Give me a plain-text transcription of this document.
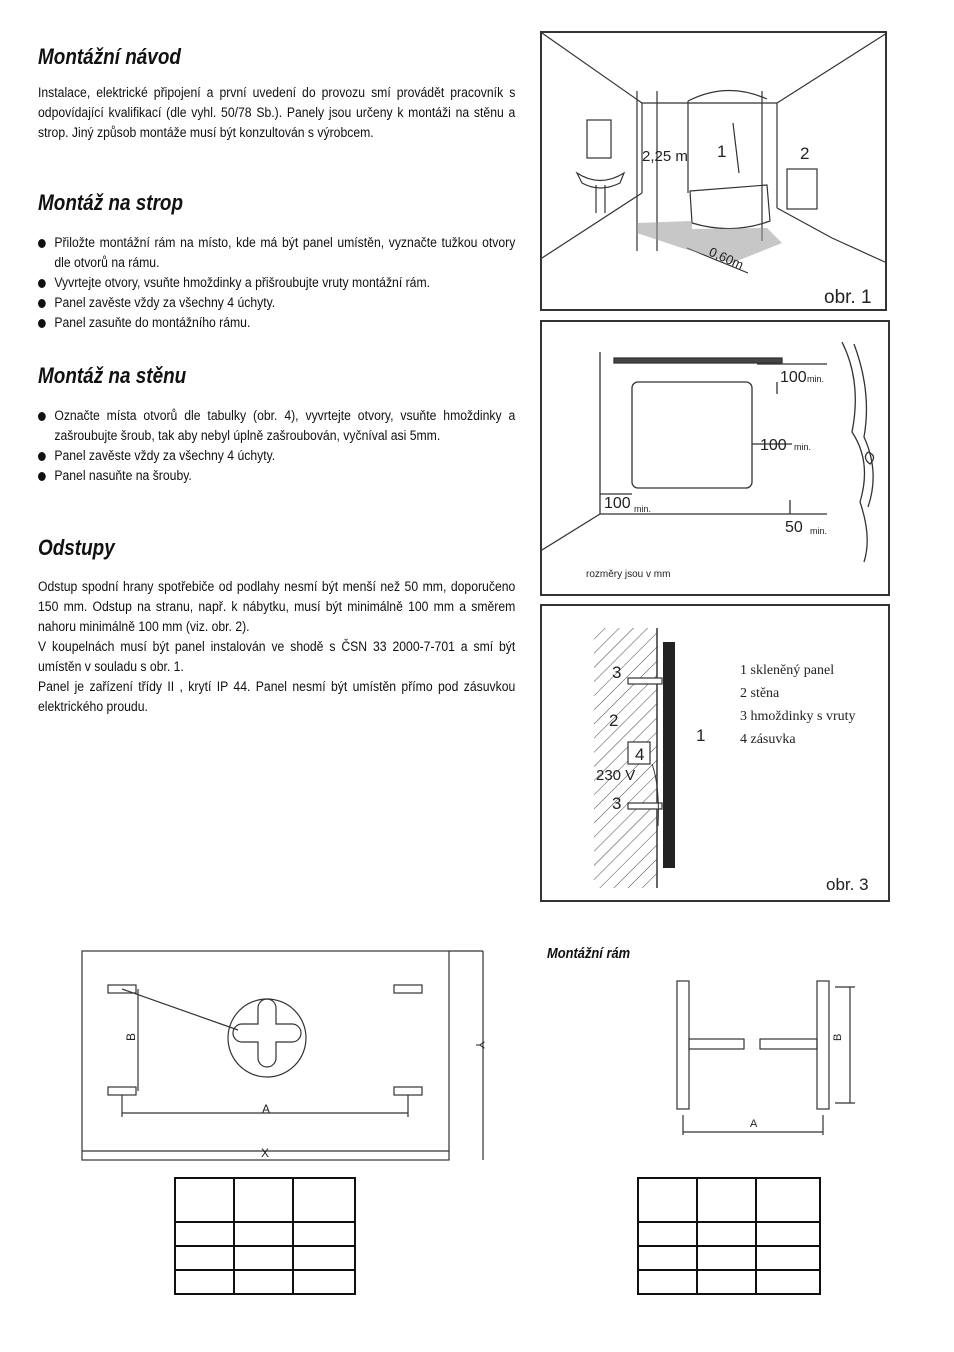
Montážní návod

Instalace, elektrické připojení a první uvedení do provozu smí provádět pracovník s odpovídající kvalifikací (dle vyhl. 50/78 Sb.). Panely jsou určeny k montáži na stěnu a strop. Jiný způsob montáže musí být konzultován s výrobcem.

Montáž na strop
Přiložte montážní rám na místo, kde má být panel umístěn, vyznačte tužkou otvory dle otvorů na rámu.
Vyvrtejte otvory, vsuňte hmoždinky a přišroubujte vruty montážní rám.
Panel zavěste vždy za všechny 4 úchyty.
Panel zasuňte do montážního rámu.
Montáž na stěnu
Označte místa otvorů dle tabulky (obr. 4), vyvrtejte otvory, vsuňte hmoždinky a zašroubujte šroub, tak aby nebyl úplně zašroubován, vyčníval asi 5mm.
Panel zavěste vždy za všechny 4 úchyty.
Panel nasuňte na šrouby.
Odstupy

Odstup spodní hrany spotřebiče od podlahy nesmí být menší než 50 mm, doporučeno 150 mm. Odstup na stranu, např. k nábytku, musí být minimálně 100 mm a směrem nahoru minimálně 100 mm (viz. obr. 2).

V koupelnách musí být panel instalován ve shodě s ČSN 33 2000-7-701 a smí být umístěn v souladu s obr. 1.

Panel je zařízení třídy II , krytí IP 44. Panel nesmí být umístěn přímo pod zásuvkou elektrického proudu.

2,25 m
0,60m
1	2
obr. 1
100 min.
100 min.
100 min.
50 min.
rozměry jsou v mm
3
2
4
230 V
3
1
1 skleněný panel
2 stěna
3 hmoždinky s vruty
4 zásuvka
obr. 3
A
B
X
Y
Montážní rám
A
B
